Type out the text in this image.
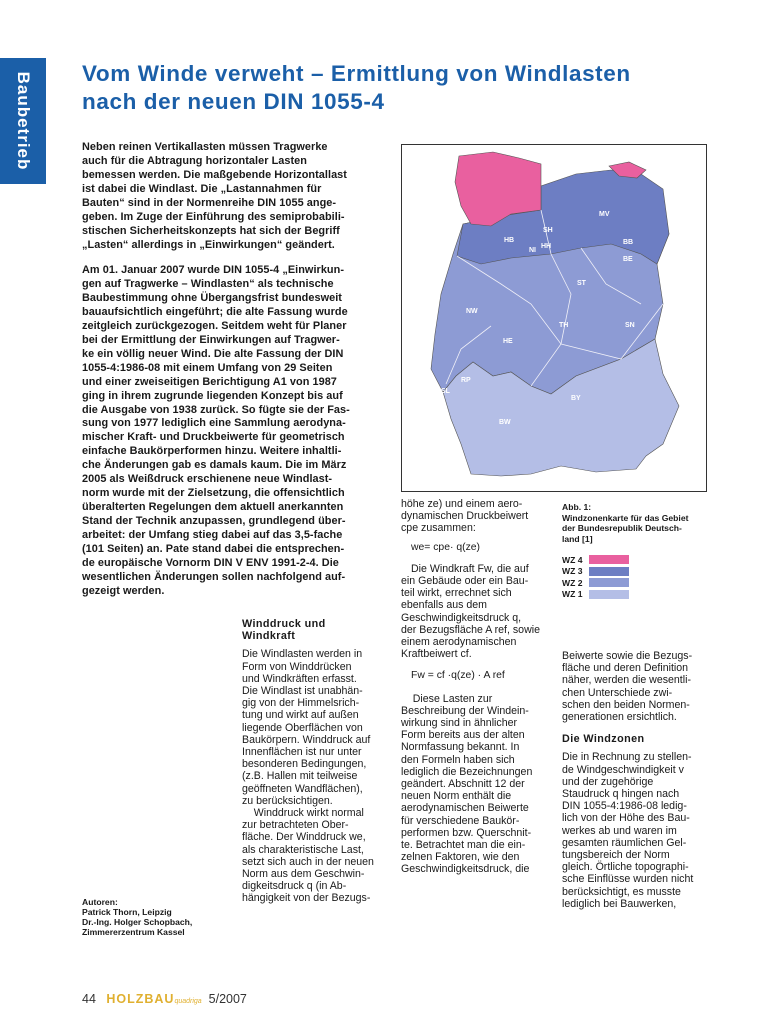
Baubetrieb Vom Winde verweht – Ermittlung von Windlasten
nach der neuen DIN 1055-4
Neben reinen Vertikallasten müssen Tragwerke
auch für die Abtragung horizontaler Lasten
bemessen werden. Die maßgebende Horizontallast
ist dabei die Windlast. Die „Lastannahmen für
Bauten“ sind in der Normenreihe DIN 1055 ange-
geben. Im Zuge der Einführung des semiprobabili-
stischen Sicherheitskonzepts hat sich der Begriff
„Lasten“ allerdings in „Einwirkungen“ geändert.
Am 01. Januar 2007 wurde DIN 1055-4 „Einwirkun-
gen auf Tragwerke – Windlasten“ als technische
Baubestimmung ohne Übergangsfrist bundesweit
bauaufsichtlich eingeführt; die alte Fassung wurde
zeitgleich zurückgezogen. Seitdem weht für Planer
bei der Ermittlung der Einwirkungen auf Tragwer-
ke ein völlig neuer Wind. Die alte Fassung der DIN
1055-4:1986-08 mit einem Umfang von 29 Seiten
und einer zweiseitigen Berichtigung A1 von 1987
ging in ihrem zugrunde liegenden Konzept bis auf
die Ausgabe von 1938 zurück. So fügte sie der Fas-
sung von 1977 lediglich eine Sammlung aerodyna-
mischer Kraft- und Druckbeiwerte für geometrisch
einfache Baukörperformen hinzu. Weitere inhaltli-
che Änderungen gab es damals kaum. Die im März
2005 als Weißdruck erschienene neue Windlast-
norm wurde mit der Zielsetzung, die offensichtlich
überalterten Regelungen dem aktuell anerkannten
Stand der Technik anzupassen, grundlegend über-
arbeitet: der Umfang stieg dabei auf das 3,5-fache
(101 Seiten) an. Pate stand dabei die entsprechen-
de europäische Vornorm DIN V ENV 1991-2-4. Die
wesentlichen Änderungen sollen nachfolgend auf-
gezeigt werden.
SH
HH
MV
HB
NI
BB
BE
ST
NW
TH	SN
HE
RP
SL
BY
BW
Abb. 1:
Windzonenkarte für das Gebiet
der Bundesrepublik Deutsch-
land [1]
WZ 4
WZ 3
WZ 2
WZ 1
Winddruck und
Windkraft
Die Windlasten werden in
Form von Winddrücken
und Windkräften erfasst.
Die Windlast ist unabhän-
gig von der Himmelsrich-
tung und wirkt auf außen
liegende Oberflächen von
Baukörpern. Winddruck auf
Innenflächen ist nur unter
besonderen Bedingungen,
(z.B. Hallen mit teilweise
geöffneten Wandflächen),
zu berücksichtigen.
Winddruck wirkt normal
zur betrachteten Ober-
fläche. Der Winddruck we,
als charakteristische Last,
setzt sich auch in der neuen
Norm aus dem Geschwin-
digkeitsdruck q (in Ab-
hängigkeit von der Bezugs-
höhe ze) und einem aero-
dynamischen Druckbeiwert
cpe zusammen:
we= cpe· q(ze)
Die Windkraft Fw, die auf
ein Gebäude oder ein Bau-
teil wirkt, errechnet sich
ebenfalls aus dem
Geschwindigkeitsdruck q,
der Bezugsfläche A ref, sowie
einem aerodynamischen
Kraftbeiwert cf.
Fw = cf ·q(ze) · A ref
Diese Lasten zur
Beschreibung der Windein-
wirkung sind in ähnlicher
Form bereits aus der alten
Normfassung bekannt. In
den Formeln haben sich
lediglich die Bezeichnungen
geändert. Abschnitt 12 der
neuen Norm enthält die
aerodynamischen Beiwerte
für verschiedene Baukör-
performen bzw. Querschnit-
te. Betrachtet man die ein-
zelnen Faktoren, wie den
Geschwindigkeitsdruck, die
Beiwerte sowie die Bezugs-
fläche und deren Definition
näher, werden die wesentli-
chen Unterschiede zwi-
schen den beiden Normen-
generationen ersichtlich.
Die Windzonen
Die in Rechnung zu stellen-
de Windgeschwindigkeit v
und der zugehörige
Staudruck q hingen nach
DIN 1055-4:1986-08 ledig-
lich von der Höhe des Bau-
werkes ab und waren im
gesamten räumlichen Gel-
tungsbereich der Norm
gleich. Örtliche topographi-
sche Einflüsse wurden nicht
berücksichtigt, es musste
lediglich bei Bauwerken,
Autoren:
Patrick Thorn, Leipzig
Dr.-Ing. Holger Schopbach,
Zimmererzentrum Kassel
44 HOLZBAUquadriga 5/2007
